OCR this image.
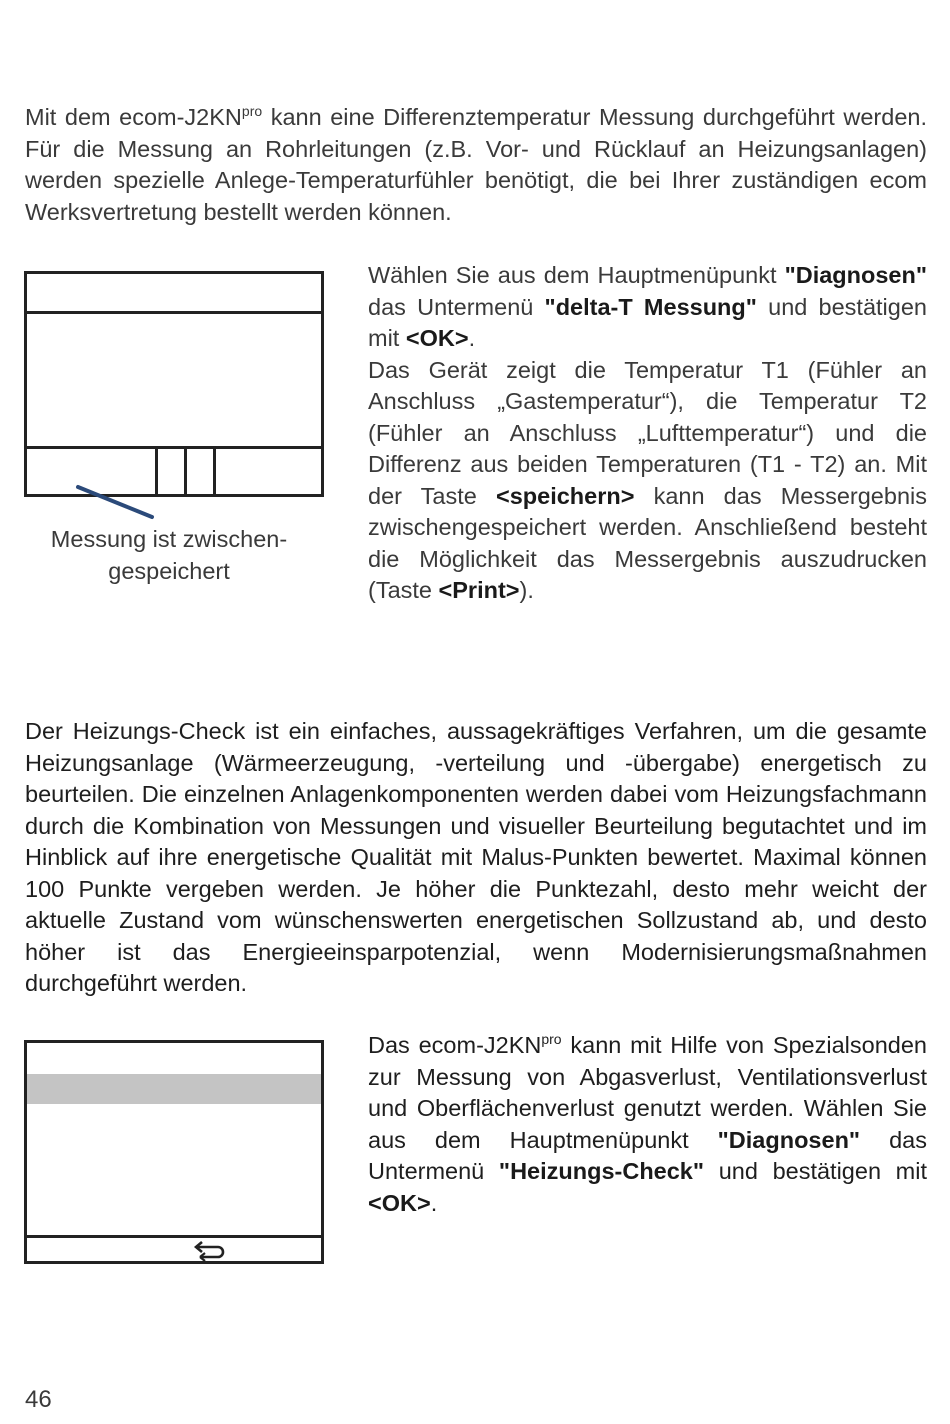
Mit dem ecom-$J2KN^{pro}$ kann eine Differenztemperatur Messung durchgeführt werden. Für die Messung an Rohrleitungen (z.B. Vor- und Rücklauf an Heizungsanlagen) werden spezielle Anlege-Temperaturfühler benötigt, die bei Ihrer zuständigen ecom Werksvertretung bestellt werden können.

Messung ist zwischen-
gespeichert

Wählen Sie aus dem Hauptmenüpunkt "Diagnosen" das Untermenü "delta-T Messung" und bestätigen mit <OK>.
Das Gerät zeigt die Temperatur T1 (Fühler an Anschluss „Gastemperatur“), die Temperatur T2 (Fühler an Anschluss „Lufttemperatur“) und die Differenz aus beiden Temperaturen (T1 - T2) an. Mit der Taste <speichern> kann das Messergebnis zwischengespeichert werden. Anschließend besteht die Möglichkeit das Messergebnis auszudrucken (Taste <Print>).

Der Heizungs-Check ist ein einfaches, aussagekräftiges Verfahren, um die gesamte Heizungsanlage (Wärmeerzeugung, -verteilung und -übergabe) energetisch zu beurteilen. Die einzelnen Anlagenkomponenten werden dabei vom Heizungsfachmann durch die Kombination von Messungen und visueller Beurteilung begutachtet und im Hinblick auf ihre energetische Qualität mit Malus-Punkten bewertet. Maximal können 100 Punkte vergeben werden. Je höher die Punktezahl, desto mehr weicht der aktuelle Zustand vom wünschenswerten energetischen Sollzustand ab, und desto höher ist das Energieeinsparpotenzial, wenn Modernisierungsmaßnahmen durchgeführt werden.

Das ecom-$J2KN^{pro}$ kann mit Hilfe von Spezialsonden zur Messung von Abgasverlust, Ventilationsverlust und Oberflächenverlust genutzt werden. Wählen Sie aus dem Hauptmenüpunkt "Diagnosen" das Untermenü "Heizungs-Check" und bestätigen mit <OK>.

46
